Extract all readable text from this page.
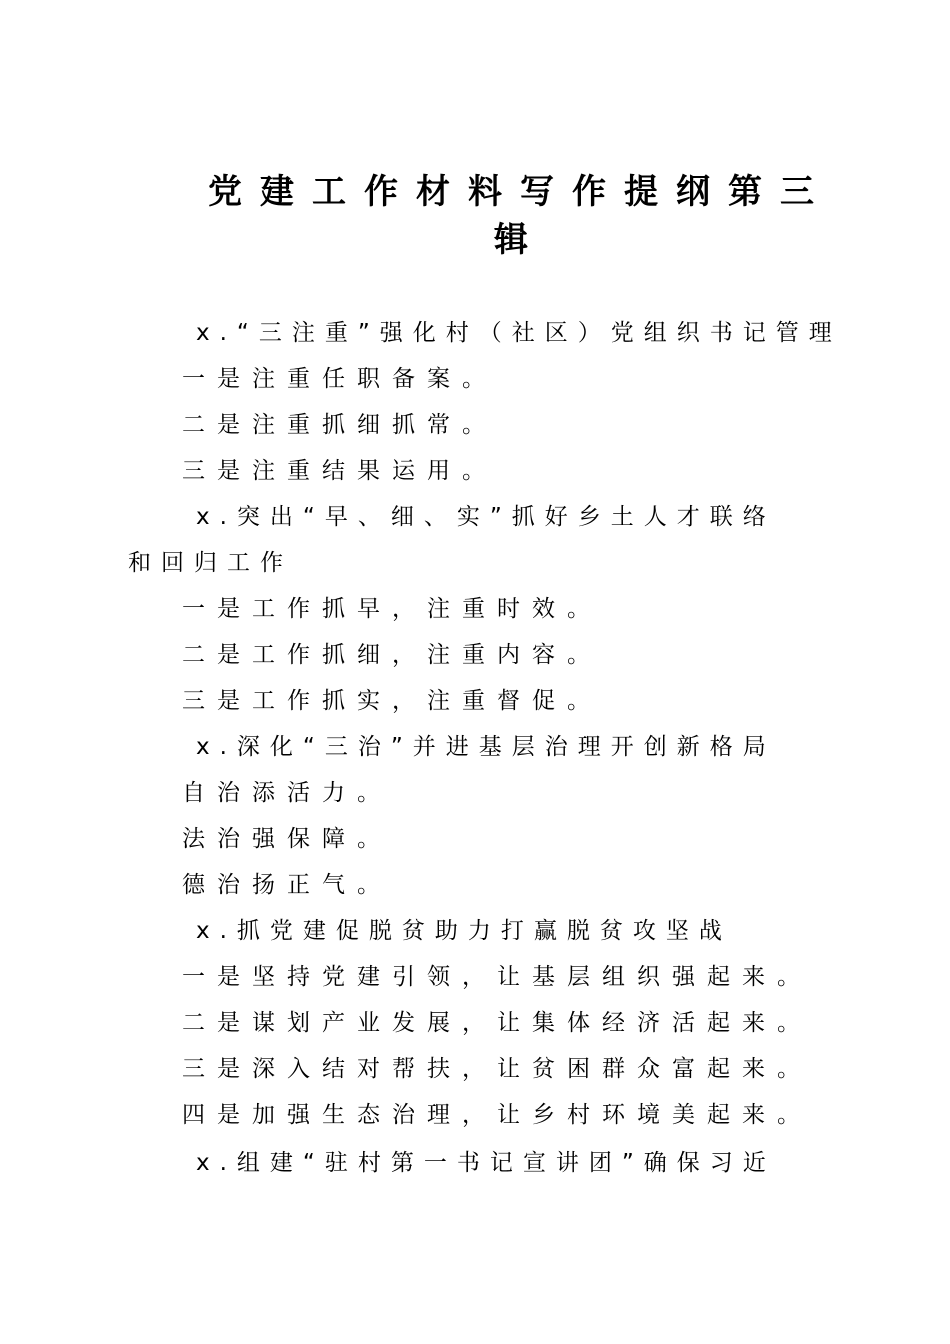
党建工作材料写作提纲第三
辑
x.“三注重”强化村（社区）党组织书记管理
一是注重任职备案。
二是注重抓细抓常。
三是注重结果运用。
x.突出“早、细、实”抓好乡土人才联络
和回归工作
一是工作抓早，注重时效。
二是工作抓细，注重内容。
三是工作抓实，注重督促。
x.深化“三治”并进基层治理开创新格局
自治添活力。
法治强保障。
德治扬正气。
x.抓党建促脱贫助力打赢脱贫攻坚战
一是坚持党建引领，让基层组织强起来。
二是谋划产业发展，让集体经济活起来。
三是深入结对帮扶，让贫困群众富起来。
四是加强生态治理，让乡村环境美起来。
x.组建“驻村第一书记宣讲团”确保习近
